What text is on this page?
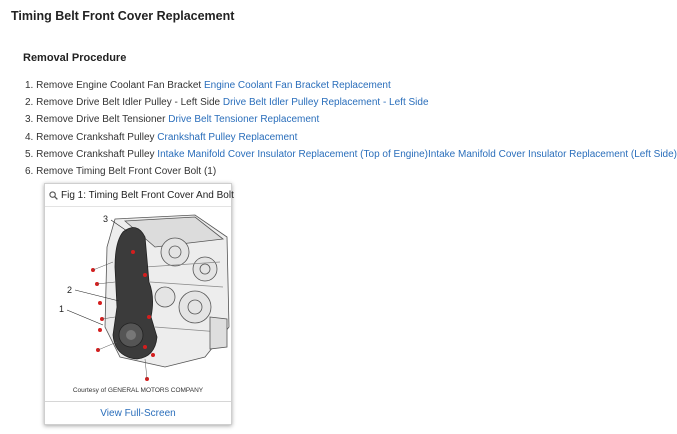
Timing Belt Front Cover Replacement
Removal Procedure
1. Remove Engine Coolant Fan Bracket Engine Coolant Fan Bracket Replacement
2. Remove Drive Belt Idler Pulley - Left Side Drive Belt Idler Pulley Replacement - Left Side
3. Remove Drive Belt Tensioner Drive Belt Tensioner Replacement
4. Remove Crankshaft Pulley Crankshaft Pulley Replacement
5. Remove Crankshaft Pulley Intake Manifold Cover Insulator Replacement (Top of Engine)Intake Manifold Cover Insulator Replacement (Left Side)
6. Remove Timing Belt Front Cover Bolt (1)
Fig 1: Timing Belt Front Cover And Bolt
3
2
1
Courtesy of GENERAL MOTORS COMPANY
View Full-Screen
